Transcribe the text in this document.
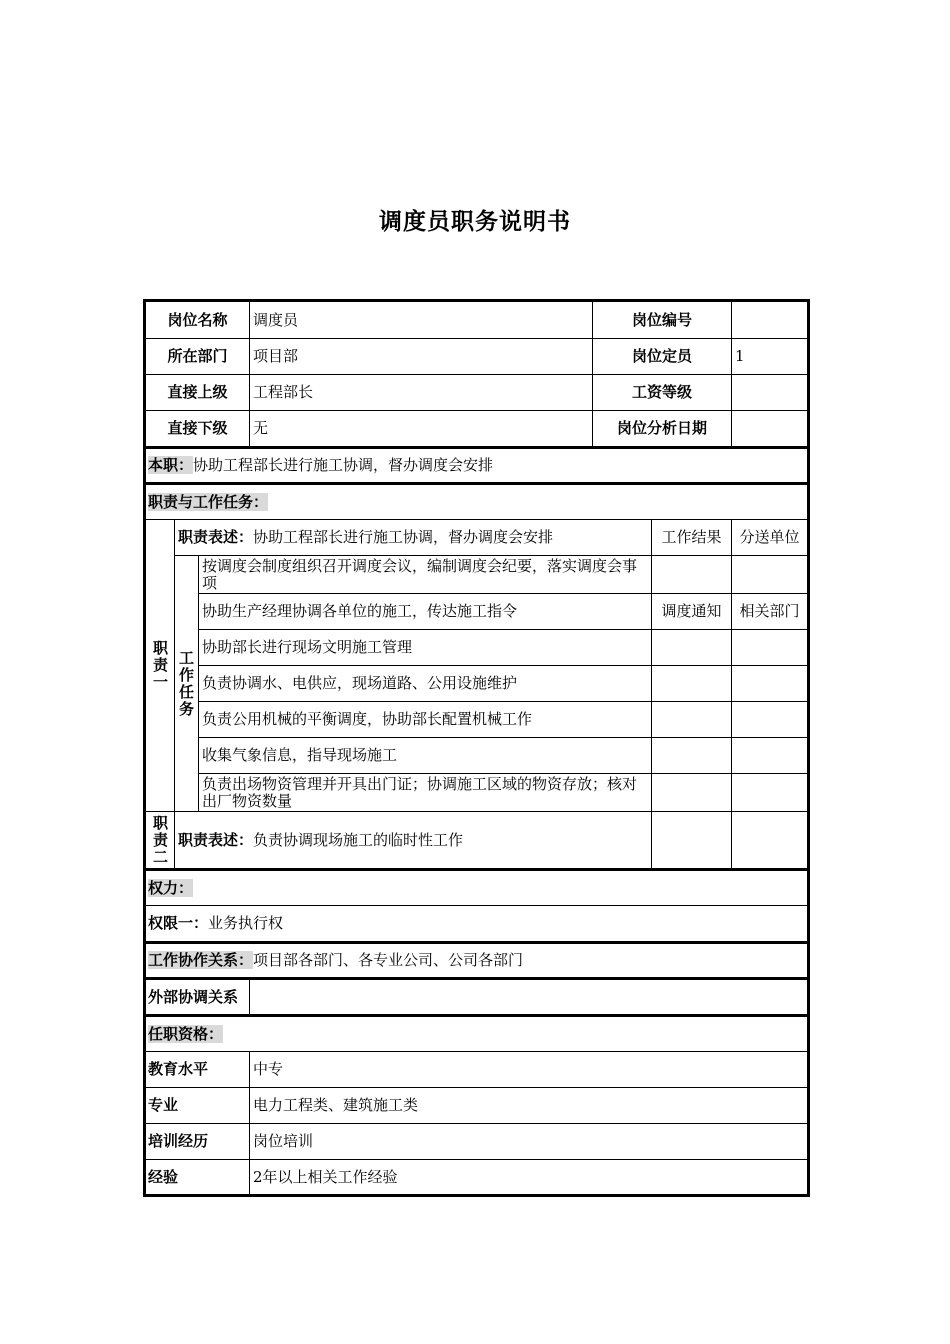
调度员职务说明书
岗位名称			调度员	岗位编号		
所在部门			项目部	岗位定员		1
直接上级			工程部长	工资等级		
直接下级			无	岗位分析日期		
本职：协助工程部长进行施工协调，督办调度会安排						
职责与工作任务：						

职责一	职责表述：协助工程部长进行施工协调，督办调度会安排				工作结果	分送单位

	工作任务	按调度会制度组织召开调度会议，编制调度会纪要，落实调度会事项				
		协助生产经理协调各单位的施工，传达施工指令			调度通知	相关部门
		协助部长进行现场文明施工管理				
		负责协调水、电供应，现场道路、公用设施维护				
		负责公用机械的平衡调度，协助部长配置机械工作				
		收集气象信息，指导现场施工				
		负责出场物资管理并开具出门证；协调施工区域的物资存放；核对出厂物资数量				

职责二	职责表述：负责协调现场施工的临时性工作					
权力：						
权限一：业务执行权						
工作协作关系：项目部各部门、各专业公司、公司各部门						
外部协调关系						
任职资格：						
教育水平			中专			
专业			电力工程类、建筑施工类			
培训经历			岗位培训			
经验			2年以上相关工作经验			
